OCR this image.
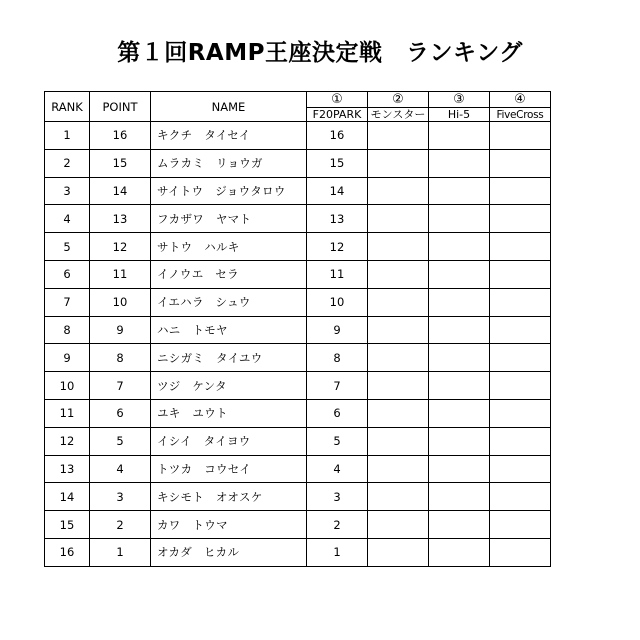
第１回RAMP王座決定戦　ランキング
RANK	POINT	NAME	①	②	③	④

			F20PARK	モンスター	Hi-5	FiveCross
1	16	キクチ　タイセイ	16			
2	15	ムラカミ　リョウガ	15			
3	14	サイトウ　ジョウタロウ	14			
4	13	フカザワ　ヤマト	13			
5	12	サトウ　ハルキ	12			
6	11	イノウエ　セラ	11			
7	10	イエハラ　シュウ	10			
8	9	ハニ　トモヤ	9			
9	8	ニシガミ　タイユウ	8			
10	7	ツジ　ケンタ	7			
11	6	ユキ　ユウト	6			
12	5	イシイ　タイヨウ	5			
13	4	トツカ　コウセイ	4			
14	3	キシモト　オオスケ	3			
15	2	カワ　トウマ	2			
16	1	オカダ　ヒカル	1			
